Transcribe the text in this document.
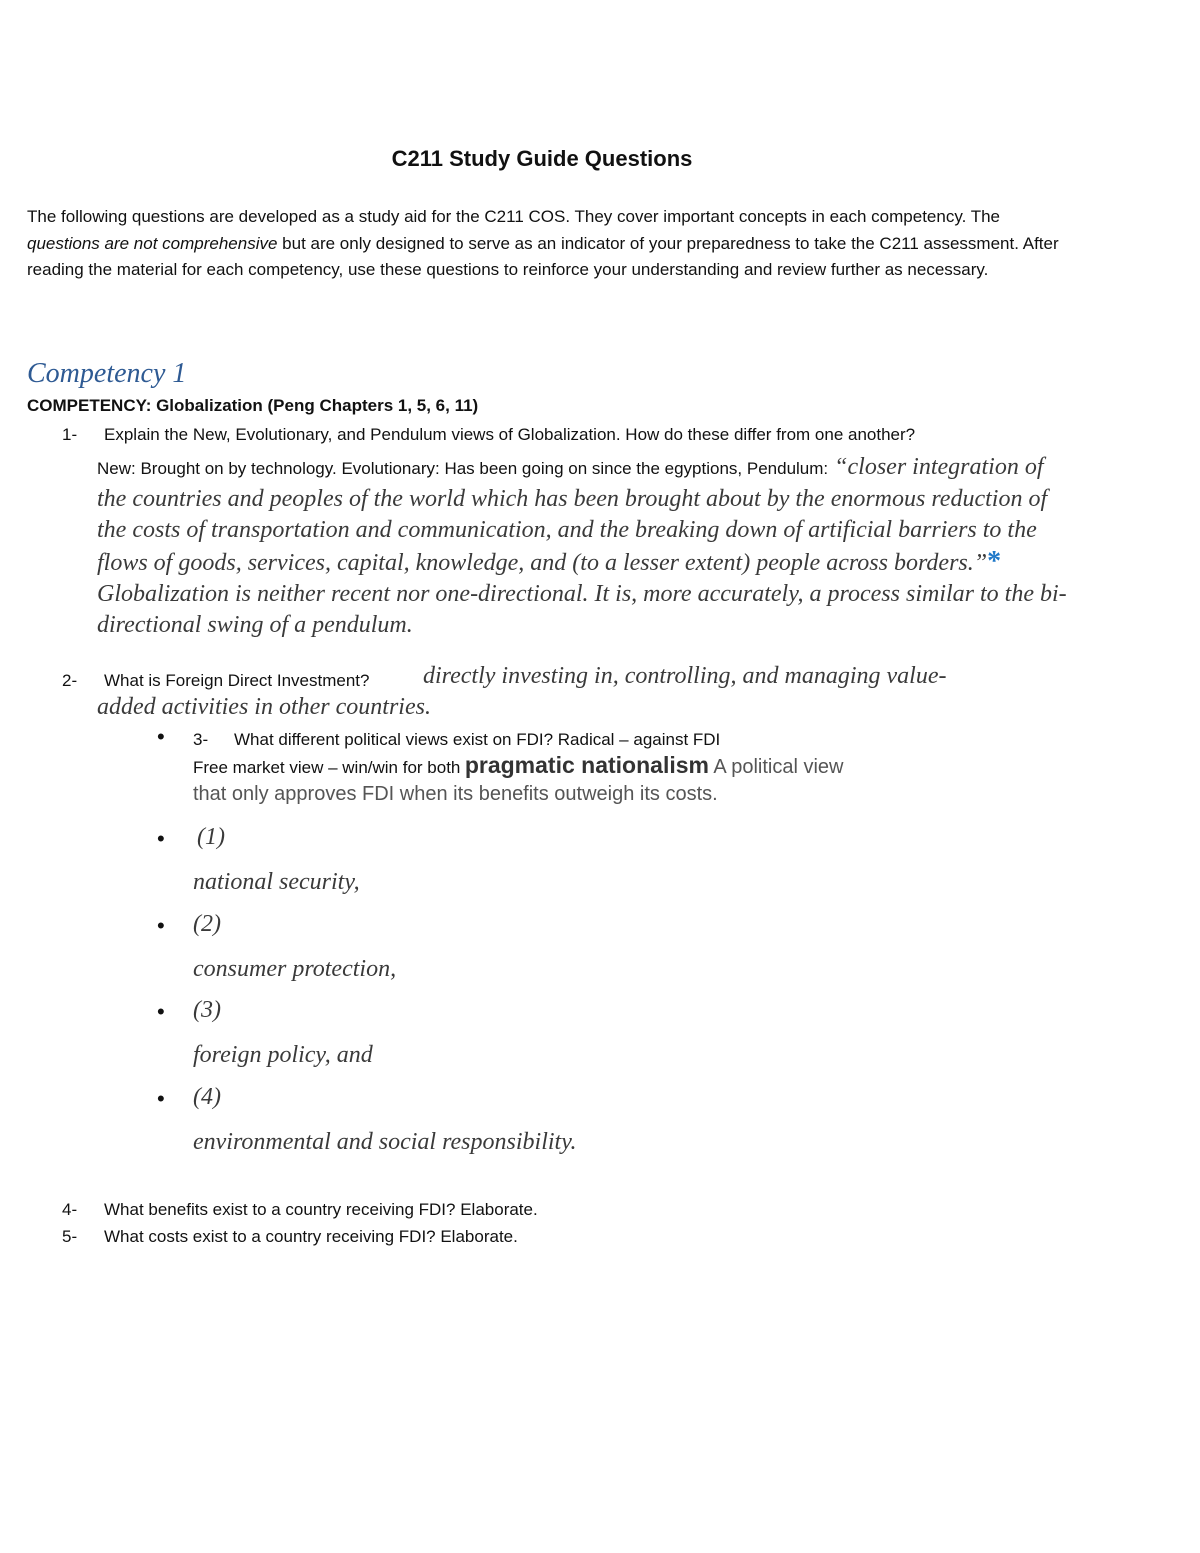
C211 Study Guide Questions
The following questions are developed as a study aid for the C211 COS. They cover important concepts in each competency. The questions are not comprehensive but are only designed to serve as an indicator of your preparedness to take the C211 assessment. After reading the material for each competency, use these questions to reinforce your understanding and review further as necessary.
Competency 1
COMPETENCY: Globalization (Peng Chapters 1, 5, 6, 11)
1- Explain the New, Evolutionary, and Pendulum views of Globalization. How do these differ from one another?
New: Brought on by technology. Evolutionary: Has been going on since the egyptions, Pendulum: “closer integration of the countries and peoples of the world which has been brought about by the enormous reduction of the costs of transportation and communication, and the breaking down of artificial barriers to the flows of goods, services, capital, knowledge, and (to a lesser extent) people across borders.”* Globalization is neither recent nor one-directional. It is, more accurately, a process similar to the bi-directional swing of a pendulum.
2- What is Foreign Direct Investment? directly investing in, controlling, and managing value-
added activities in other countries.
• 3- What different political views exist on FDI? Radical – against FDI
Free market view – win/win for both pragmatic nationalism A political view
that only approves FDI when its benefits outweigh its costs.
• (1)
national security,
• (2)
consumer protection,
• (3)
foreign policy, and
• (4)
environmental and social responsibility.
4- What benefits exist to a country receiving FDI? Elaborate.
5- What costs exist to a country receiving FDI? Elaborate.
